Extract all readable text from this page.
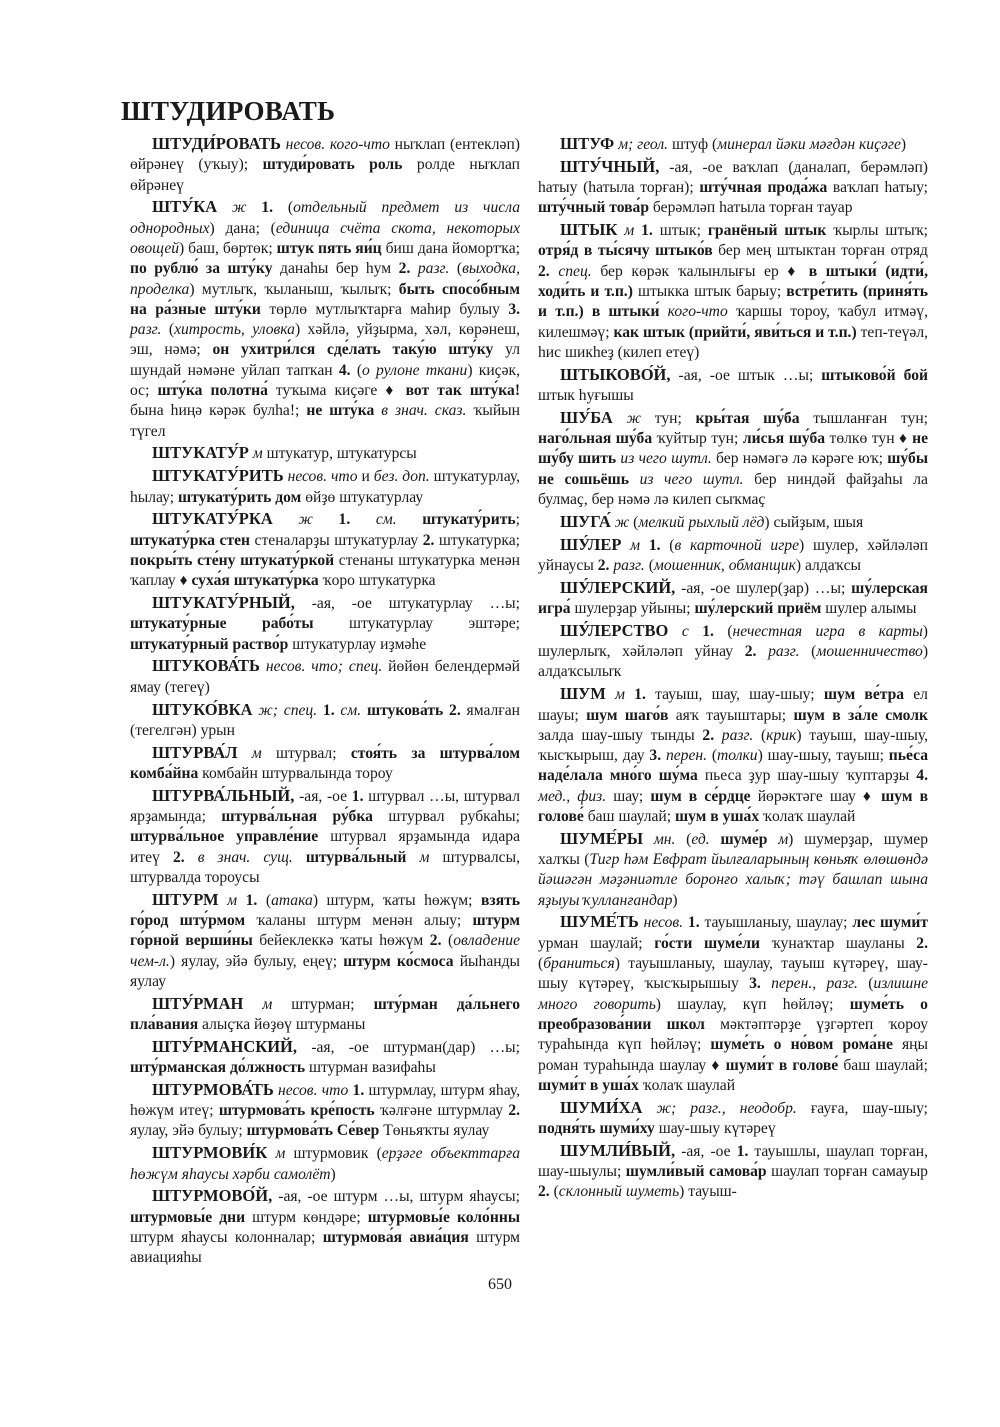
ШТУДИРОВАТЬ

ШТУДИ́РОВАТЬ несов. кого-что ныҡлап (ентекләп) өйрәнеү (уҡыу); штуди́ровать роль ролде ныҡлап өйрәнеү

ШТУ́КА ж 1. (отдельный предмет из числа однородных) дана; (единица счёта скота, некоторых овощей) баш, бөртөк; штук пять яи́ц биш дана йомортҡа; по рублю́ за шту́ку данаһы бер һум 2. разг. (выходка, проделка) мутлыҡ, ҡыланыш, ҡылыҡ; быть спосо́бным на ра́зные шту́ки төрлө мутлыҡтарға маһир булыу 3. разг. (хитрость, уловка) хәйлә, уйҙырма, хәл, көрәнеш, эш, нәмә; он ухитри́лся сде́лать таку́ю шту́ку ул шундай нәмәне уйлап тапҡан 4. (о рулоне ткани) киҫәк, ос; шту́ка полотна́ туҡыма киҫәге ♦ вот так шту́ка! бына һиңә кәрәк булһа!; не шту́ка в знач. сказ. ҡыйын түгел

ШТУКАТУ́Р м штукатур, штукатурсы

ШТУКАТУ́РИТЬ несов. что и без. доп. штукатурлау, һылау; штукату́рить дом өйҙө штукатурлау

ШТУКАТУ́РКА ж 1. см. штукату́рить; штукату́рка стен стеналарҙы штукатурлау 2. штукатурка; покры́ть сте́ну штукату́ркой стенаны штукатурка менән ҡаплау ♦ суха́я штукату́рка ҡоро штукатурка

ШТУКАТУ́РНЫЙ, -ая, -ое штукатурлау …ы; штукату́рные рабо́ты штукатурлау эштәре; штукату́рный раство́р штукатурлау иҙмәһе

ШТУКОВА́ТЬ несов. что; спец. йөйөн белендермәй ямау (тегеү)

ШТУКО́ВКА ж; спец. 1. см. штукова́ть 2. ямалған (тегелгән) урын

ШТУРВА́Л м штурвал; стоя́ть за штурва́лом комба́йна комбайн штурвалында тороу

ШТУРВА́ЛЬНЫЙ, -ая, -ое 1. штурвал …ы, штурвал ярҙамында; штурва́льная ру́бка штурвал рубкаһы; штурва́льное управле́ние штурвал ярҙамында идара итеү 2. в знач. сущ. штурва́льный м штурвалсы, штурвалда тороусы

ШТУРМ м 1. (атака) штурм, ҡаты һөжүм; взять го́род шту́рмом ҡаланы штурм менән алыу; штурм го́рной верши́ны бейеклеккә ҡаты һөжүм 2. (овладение чем-л.) яулау, эйә булыу, еңеү; штурм ко́смоса йыһанды яулау

ШТУ́РМАН м штурман; шту́рман да́льнего пла́вания алыҫҡа йөҙөү штурманы

ШТУ́РМАНСКИЙ, -ая, -ое штурман(дар) …ы; шту́рманская до́лжность штурман вазифаһы

ШТУРМОВА́ТЬ несов. что 1. штурмлау, штурм яһау, һөжүм итеү; штурмова́ть кре́пость ҡәлғәне штурмлау 2. яулау, эйә булыу; штурмова́ть Се́вер Төньяҡты яулау

ШТУРМОВИ́К м штурмовик (ерҙәге объекттарға һөжүм яһаусы хәрби самолёт)

ШТУРМОВО́Й, -ая, -ое штурм …ы, штурм яһаусы; штурмовы́е дни штурм көндәре; штурмовы́е коло́нны штурм яһаусы колонналар; штурмова́я авиа́ция штурм авиацияһы

ШТУФ м; геол. штуф (минерал йәки мәғдән киҫәге)

ШТУ́ЧНЫЙ, -ая, -ое ваҡлап (даналап, берәмләп) һатыу (һатыла торған); шту́чная прода́жа ваҡлап һатыу; шту́чный това́р берәмләп һатыла торған тауар

ШТЫК м 1. штык; гранёный штык ҡырлы штыҡ; отря́д в ты́сячу штыко́в бер мең штыктан торған отряд 2. спец. бер көрәк ҡалынлығы ер ♦ в штыки́ (идти́, ходи́ть и т.п.) штыкка штык барыу; встре́тить (приня́ть и т.п.) в штыки́ кого-что ҡаршы тороу, ҡабул итмәү, килешмәү; как штык (прийти́, яви́ться и т.п.) теп-теүәл, һис шикһеҙ (килеп етеү)

ШТЫКОВО́Й, -ая, -ое штык …ы; штыково́й бой штык һуғышы

ШУ́БА ж тун; кры́тая шу́ба тышланған тун; наго́льная шу́ба ҡуйтыр тун; ли́сья шу́ба төлкө тун ♦ не шу́бу шить из чего шутл. бер нәмәгә лә кәрәге юҡ; шу́бы не сошьёшь из чего шутл. бер ниндәй файҙаһы ла булмаҫ, бер нәмә лә килеп сыҡмаҫ

ШУГА́ ж (мелкий рыхлый лёд) сыйҙым, шыя

ШУ́ЛЕР м 1. (в карточной игре) шулер, хәйләләп уйнаусы 2. разг. (мошенник, обманщик) алдаҡсы

ШУ́ЛЕРСКИЙ, -ая, -ое шулер(ҙар) …ы; шу́лерская игра́ шулерҙар уйыны; шу́лерский приём шулер алымы

ШУ́ЛЕРСТВО с 1. (нечестная игра в карты) шулерлыҡ, хәйләләп уйнау 2. разг. (мошенничество) алдаҡсылыҡ

ШУМ м 1. тауыш, шау, шау-шыу; шум ве́тра ел шауы; шум шаго́в аяҡ тауыштары; шум в за́ле смолк залда шау-шыу тынды 2. разг. (крик) тауыш, шау-шыу, ҡысҡырыш, дау 3. перен. (толки) шау-шыу, тауыш; пье́са наде́лала мно́го шу́ма пьеса ҙур шау-шыу ҡуптарҙы 4. мед., физ. шау; шум в се́рдце йөрәктәге шау ♦ шум в голове́ баш шаулай; шум в уша́х ҡолаҡ шаулай

ШУМЕ́РЫ мн. (ед. шуме́р м) шумерҙар, шумер халҡы (Тигр һәм Евфрат йылғаларының көньяҡ өлөшөндә йәшәгән мәҙәниәтле боронғо халыҡ; тәү башлап шына яҙыуы ҡулланғандар)

ШУМЕ́ТЬ несов. 1. тауышланыу, шаулау; лес шуми́т урман шаулай; го́сти шуме́ли ҡунаҡтар шауланы 2. (браниться) тауышланыу, шаулау, тауыш күтәреү, шау-шыу күтәреү, ҡысҡырышыу 3. перен., разг. (излишне много говорить) шаулау, күп һөйләү; шуме́ть о преобразова́нии школ мәктәптәрҙе үҙгәртеп ҡороу тураһында күп һөйләү; шуме́ть о но́вом рома́не яңы роман тураһында шаулау ♦ шуми́т в голове́ баш шаулай; шуми́т в уша́х ҡолаҡ шаулай

ШУМИ́ХА ж; разг., неодобр. ғауға, шау-шыу; подня́ть шуми́ху шау-шыу күтәреү

ШУМЛИ́ВЫЙ, -ая, -ое 1. тауышлы, шаулап торған, шау-шыулы; шумли́вый самова́р шаулап торған самауыр 2. (склонный шуметь) тауыш-

650
